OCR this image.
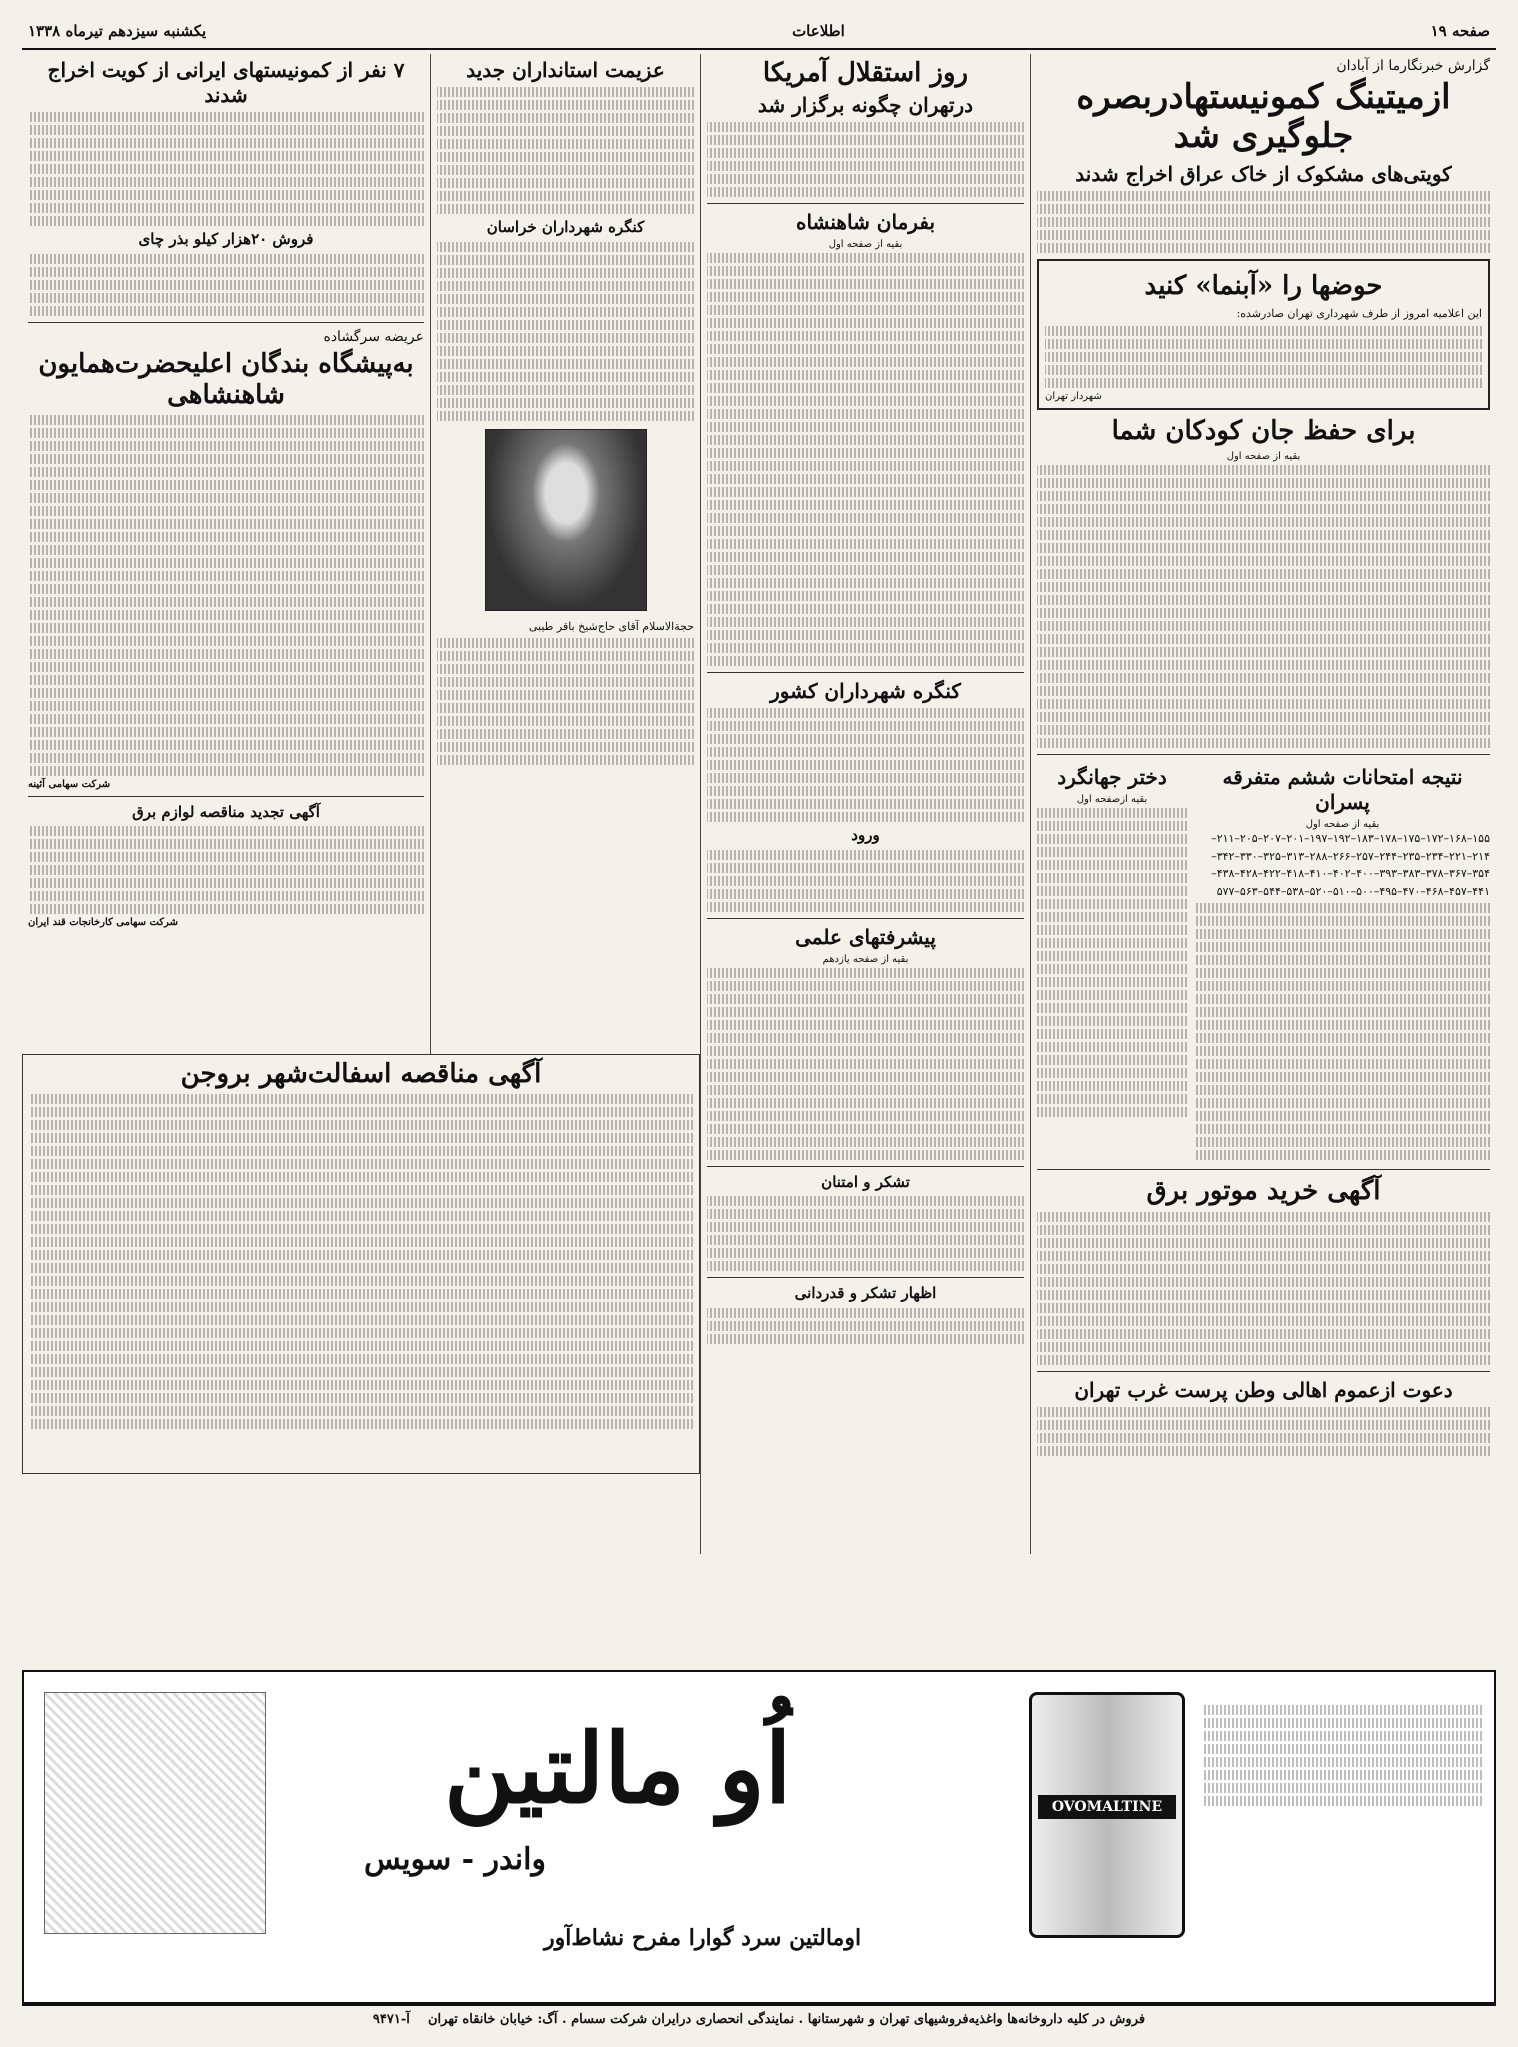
صفحه ۱۹
اطلاعات
یکشنبه سیزدهم تیرماه ۱۳۳۸
گزارش خبرنگارما از آبادان
ازمیتینگ کمونیستهادربصره جلوگیری شد
کویتی‌های مشکوک از خاک عراق اخراج شدند
حوضها را «آبنما» کنید
این اعلامیه امروز از طرف شهرداری تهران صادرشده:
شهردار تهران
برای حفظ جان کودکان شما
بقیه از صفحه اول
نتیجه امتحانات ششم متفرقه پسران
بقیه از صفحه اول
۱۵۵–۱۶۸–۱۷۲–۱۷۵–۱۷۸–۱۸۳–۱۹۲–۱۹۷–۲۰۱–۲۰۷–۲۰۵–۲۱۱–۲۱۴–۲۲۱–۲۳۴–۲۳۵–۲۴۴–۲۵۷–۲۶۶–۲۸۸–۳۱۳–۳۲۵–۳۳۰–۳۴۲–۳۵۴–۳۶۷–۳۷۸–۳۸۳–۳۹۳–۴۰۰–۴۰۲–۴۱۰–۴۱۸–۴۲۲–۴۲۸–۴۳۸–۴۴۱–۴۵۷–۴۶۸–۴۷۰–۴۹۵–۵۰۰–۵۱۰–۵۲۰–۵۳۸–۵۴۴–۵۶۳–۵۷۷
دختر جهانگرد
بقیه ازصفحه اول
آگهی خرید موتور برق
دعوت ازعموم اهالی وطن پرست غرب تهران
روز استقلال آمریکا
درتهران چگونه برگزار شد
بفرمان شاهنشاه
بقیه از صفحه اول
کنگره شهرداران کشور
ورود
پیشرفتهای علمی
بقیه از صفحه یازدهم
تشکر و امتنان
اظهار تشکر و قدردانی
عزیمت استانداران جدید
کنگره شهرداران خراسان
حجةالاسلام آقای حاج‌شیخ باقر طیبی
۷ نفر از کمونیستهای ایرانی از کویت اخراج شدند
فروش ۲۰هزار کیلو بذر چای
عریضه سرگشاده
به‌پیشگاه بندگان اعلیحضرت‌همایون شاهنشاهی
شرکت سهامی آئینه
آگهی تجدید مناقصه لوازم برق
شرکت سهامی کارخانجات قند ایران
آگهی مناقصه اسفالت‌شهر بروجن
اُو مالتین
واندر - سویس
OVOMALTINE
اومالتین سرد گوارا مفرح نشاط‌آور
فروش در کلیه داروخانه‌ها واغذیه‌فروشیهای تهران و شهرستانها . نمایندگی انحصاری درایران شرکت سسام . آگ: خیابان خانقاه تهران    آ-۹۴۷۱
